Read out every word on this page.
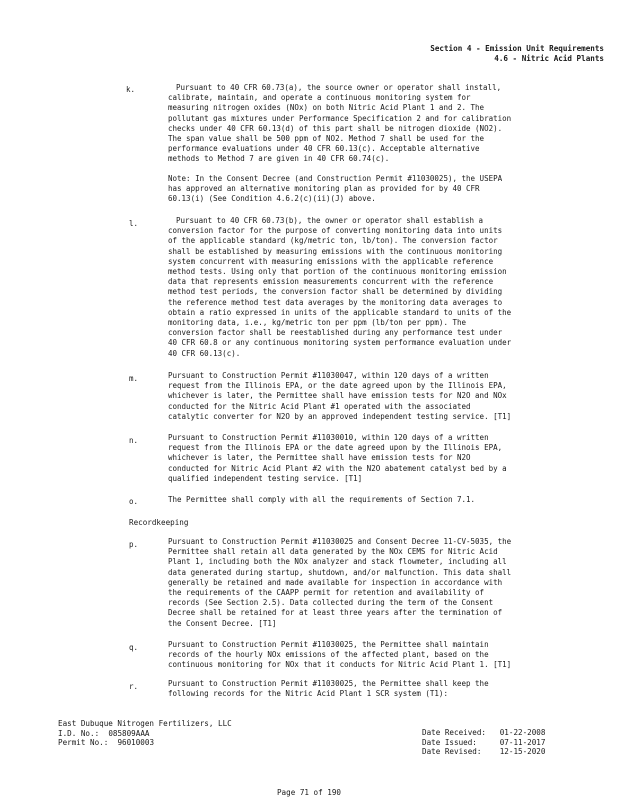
Section 4 - Emission Unit Requirements
4.6 - Nitric Acid Plants
k.	Pursuant to 40 CFR 60.73(a), the source owner or operator shall install,
calibrate, maintain, and operate a continuous monitoring system for
measuring nitrogen oxides (NOx) on both Nitric Acid Plant 1 and 2. The
pollutant gas mixtures under Performance Specification 2 and for calibration
checks under 40 CFR 60.13(d) of this part shall be nitrogen dioxide (NO2).
The span value shall be 500 ppm of NO2. Method 7 shall be used for the
performance evaluations under 40 CFR 60.13(c). Acceptable alternative
methods to Method 7 are given in 40 CFR 60.74(c).
Note: In the Consent Decree (and Construction Permit #11030025), the USEPA
has approved an alternative monitoring plan as provided for by 40 CFR
60.13(i) (See Condition 4.6.2(c)(ii)(J) above.
l.	Pursuant to 40 CFR 60.73(b), the owner or operator shall establish a
conversion factor for the purpose of converting monitoring data into units
of the applicable standard (kg/metric ton, lb/ton). The conversion factor
shall be established by measuring emissions with the continuous monitoring
system concurrent with measuring emissions with the applicable reference
method tests. Using only that portion of the continuous monitoring emission
data that represents emission measurements concurrent with the reference
method test periods, the conversion factor shall be determined by dividing
the reference method test data averages by the monitoring data averages to
obtain a ratio expressed in units of the applicable standard to units of the
monitoring data, i.e., kg/metric ton per ppm (lb/ton per ppm). The
conversion factor shall be reestablished during any performance test under
40 CFR 60.8 or any continuous monitoring system performance evaluation under
40 CFR 60.13(c).
m.	Pursuant to Construction Permit #11030047, within 120 days of a written
request from the Illinois EPA, or the date agreed upon by the Illinois EPA,
whichever is later, the Permittee shall have emission tests for N2O and NOx
conducted for the Nitric Acid Plant #1 operated with the associated
catalytic converter for N2O by an approved independent testing service. [T1]
n.	Pursuant to Construction Permit #11030010, within 120 days of a written
request from the Illinois EPA or the date agreed upon by the Illinois EPA,
whichever is later, the Permittee shall have emission tests for N2O
conducted for Nitric Acid Plant #2 with the N2O abatement catalyst bed by a
qualified independent testing service. [T1]
o.	The Permittee shall comply with all the requirements of Section 7.1.
Recordkeeping
p.	Pursuant to Construction Permit #11030025 and Consent Decree 11-CV-5035, the
Permittee shall retain all data generated by the NOx CEMS for Nitric Acid
Plant 1, including both the NOx analyzer and stack flowmeter, including all
data generated during startup, shutdown, and/or malfunction. This data shall
generally be retained and made available for inspection in accordance with
the requirements of the CAAPP permit for retention and availability of
records (See Section 2.5). Data collected during the term of the Consent
Decree shall be retained for at least three years after the termination of
the Consent Decree. [T1]
q.	Pursuant to Construction Permit #11030025, the Permittee shall maintain
records of the hourly NOx emissions of the affected plant, based on the
continuous monitoring for NOx that it conducts for Nitric Acid Plant 1. [T1]
r.	Pursuant to Construction Permit #11030025, the Permittee shall keep the
following records for the Nitric Acid Plant 1 SCR system (T1):
East Dubuque Nitrogen Fertilizers, LLC
I.D. No.: 085809AAA
Permit No.: 96010003
Date Received: 01-22-2008
Date Issued:	07-11-2017
Date Revised: 12-15-2020
Page 71 of 190
